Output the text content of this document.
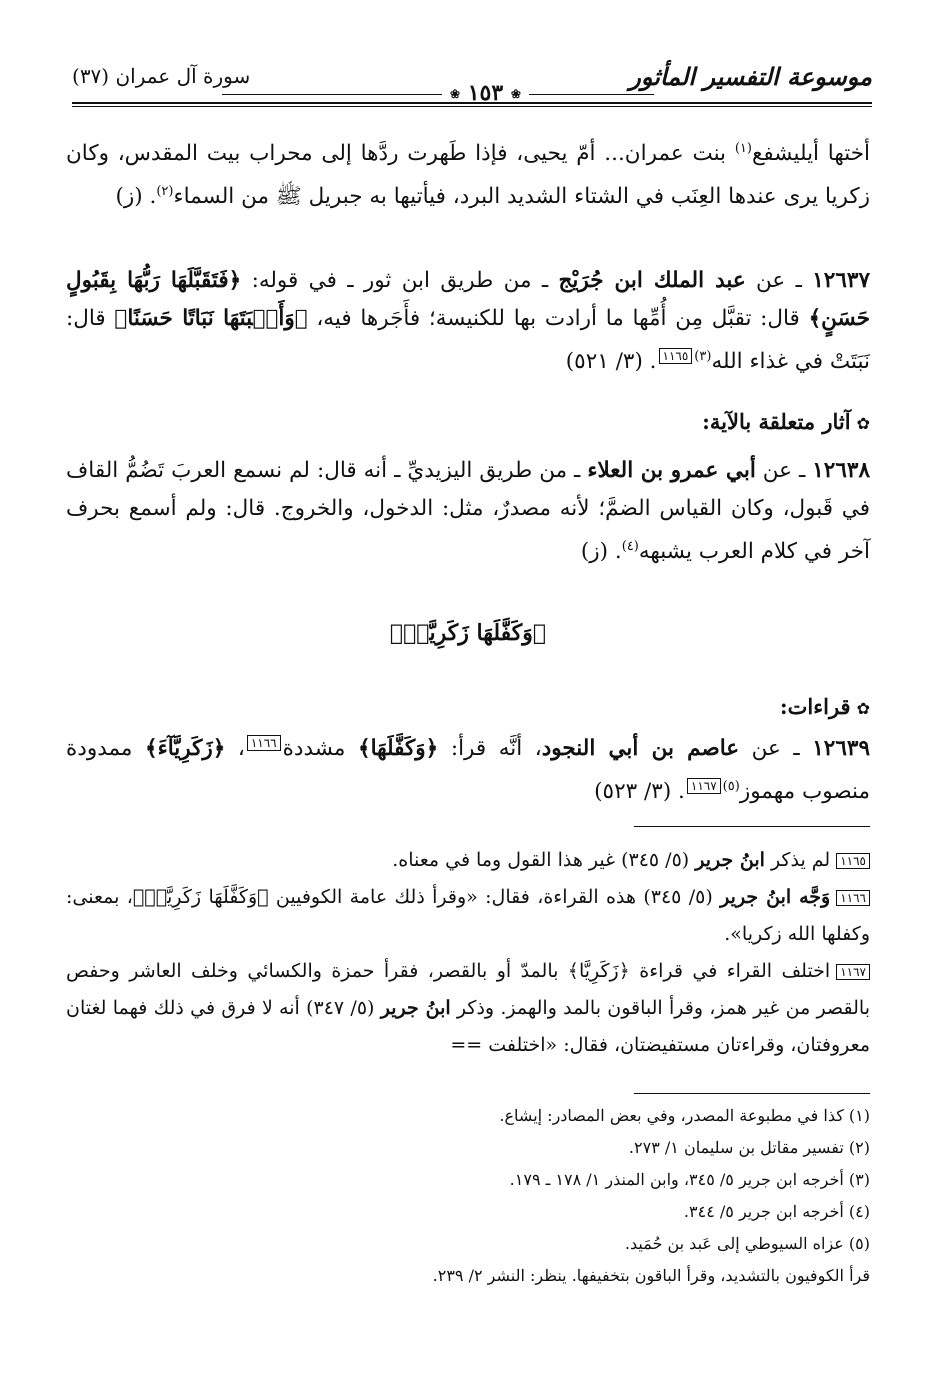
موسوعة التفسير المأثور
❀ ١٥٣ ❀
سورة آل عمران (٣٧)
أختها أيليشفع$^{(١)}$ بنت عمران... أمّ يحيى، فإذا طَهرت ردَّها إلى محراب بيت المقدس، وكان زكريا يرى عندها العِنَب في الشتاء الشديد البرد، فيأتيها به جبريل ﷺ من السماء$^{(٢)}$. (ز)
١٢٦٣٧ ـ عن عبد الملك ابن جُرَيْج ـ من طريق ابن ثور ـ في قوله: ﴿فَتَقَبَّلَهَا رَبُّهَا بِقَبُولٍ حَسَنٍ﴾ قال: تقبَّل مِن أُمِّها ما أرادت بها للكنيسة؛ فأَجَرها فيه، ﴿وَأَنۢبَتَهَا نَبَاتًا حَسَنًا﴾ قال: نَبَتَتْ في غذاء الله$^{(٣)}$١١٦٥. (٣/ ٥٢١)
✿آثار متعلقة بالآية:
١٢٦٣٨ ـ عن أبي عمرو بن العلاء ـ من طريق اليزيديِّ ـ أنه قال: لم نسمع العربَ تَضُمُّ القاف في قَبول، وكان القياس الضمَّ؛ لأنه مصدرٌ، مثل: الدخول، والخروج. قال: ولم أسمع بحرف آخر في كلام العرب يشبهه$^{(٤)}$. (ز)
﴿وَكَفَّلَهَا زَكَرِيَّاۖ﴾
✿قراءات:
١٢٦٣٩ ـ عن عاصم بن أبي النجود، أنَّه قرأ: ﴿وَكَفَّلَهَا﴾ مشددة١١٦٦، ﴿زَكَرِيَّآءَ﴾ ممدودة منصوب مهموز$^{(٥)}$١١٦٧. (٣/ ٥٢٣)
١١٦٥لم يذكر ابنُ جرير (٥/ ٣٤٥) غير هذا القول وما في معناه.
١١٦٦وَجَّه ابنُ جرير (٥/ ٣٤٥) هذه القراءة، فقال: «وقرأ ذلك عامة الكوفيين ﴿وَكَفَّلَهَا زَكَرِيَّاۖ﴾، بمعنى: وكفلها الله زكريا».
١١٦٧اختلف القراء في قراءة ﴿زَكَرِيَّا﴾ بالمدّ أو بالقصر، فقرأ حمزة والكسائي وخلف العاشر وحفص بالقصر من غير همز، وقرأ الباقون بالمد والهمز. وذكر ابنُ جرير (٥/ ٣٤٧) أنه لا فرق في ذلك فهما لغتان معروفتان، وقراءتان مستفيضتان، فقال: «اختلفت ==
(١) كذا في مطبوعة المصدر، وفي بعض المصادر: إيشاع.
(٢) تفسير مقاتل بن سليمان ١/ ٢٧٣.
(٣) أخرجه ابن جرير ٥/ ٣٤٥، وابن المنذر ١/ ١٧٨ ـ ١٧٩.
(٤) أخرجه ابن جرير ٥/ ٣٤٤.
(٥) عزاه السيوطي إلى عَبد بن حُمَيد.
قرأ الكوفيون بالتشديد، وقرأ الباقون بتخفيفها. ينظر: النشر ٢/ ٢٣٩.
